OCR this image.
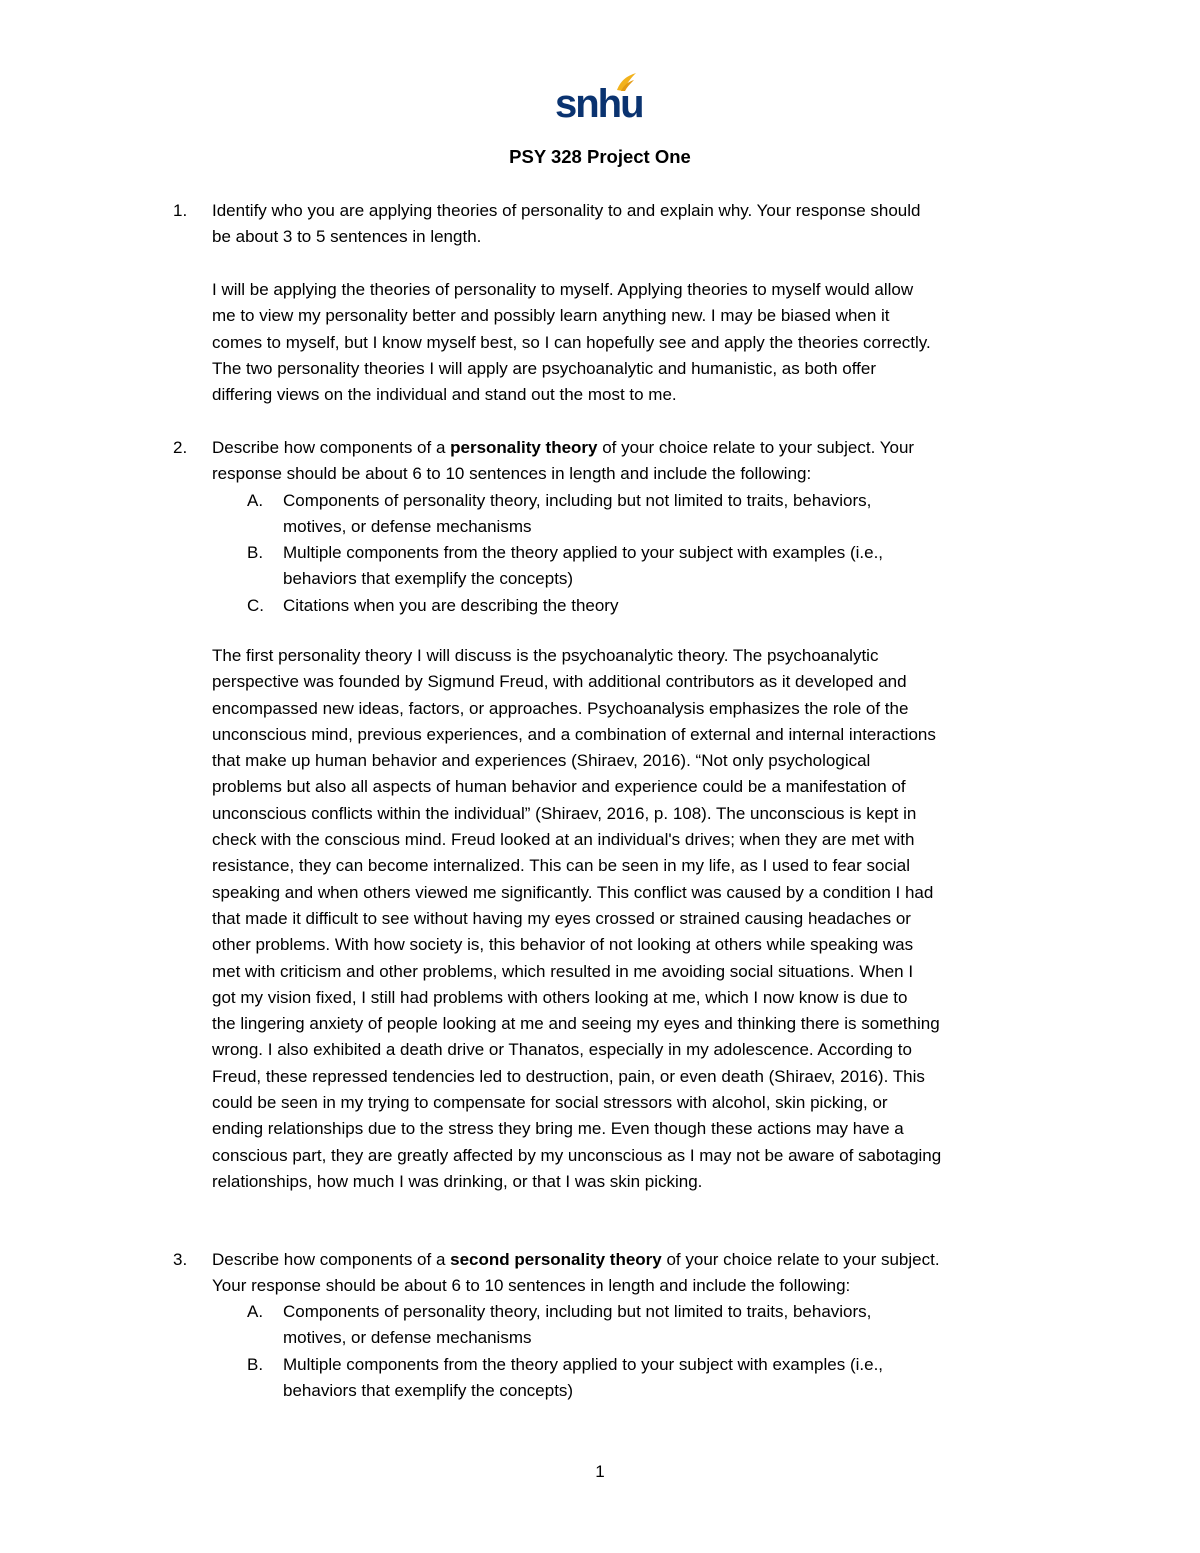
snhu
PSY 328 Project One
1. Identify who you are applying theories of personality to and explain why. Your response should

be about 3 to 5 sentences in length.

I will be applying the theories of personality to myself. Applying theories to myself would allow

me to view my personality better and possibly learn anything new. I may be biased when it

comes to myself, but I know myself best, so I can hopefully see and apply the theories correctly.

The two personality theories I will apply are psychoanalytic and humanistic, as both offer

differing views on the individual and stand out the most to me.

2. Describe how components of a personality theory of your choice relate to your subject. Your

response should be about 6 to 10 sentences in length and include the following:

A. Components of personality theory, including but not limited to traits, behaviors,

motives, or defense mechanisms

B. Multiple components from the theory applied to your subject with examples (i.e.,

behaviors that exemplify the concepts)

C. Citations when you are describing the theory

The first personality theory I will discuss is the psychoanalytic theory. The psychoanalytic

perspective was founded by Sigmund Freud, with additional contributors as it developed and

encompassed new ideas, factors, or approaches. Psychoanalysis emphasizes the role of the

unconscious mind, previous experiences, and a combination of external and internal interactions

that make up human behavior and experiences (Shiraev, 2016). “Not only psychological

problems but also all aspects of human behavior and experience could be a manifestation of

unconscious conflicts within the individual” (Shiraev, 2016, p. 108). The unconscious is kept in

check with the conscious mind. Freud looked at an individual's drives; when they are met with

resistance, they can become internalized. This can be seen in my life, as I used to fear social

speaking and when others viewed me significantly. This conflict was caused by a condition I had

that made it difficult to see without having my eyes crossed or strained causing headaches or

other problems. With how society is, this behavior of not looking at others while speaking was

met with criticism and other problems, which resulted in me avoiding social situations. When I

got my vision fixed, I still had problems with others looking at me, which I now know is due to

the lingering anxiety of people looking at me and seeing my eyes and thinking there is something

wrong. I also exhibited a death drive or Thanatos, especially in my adolescence. According to

Freud, these repressed tendencies led to destruction, pain, or even death (Shiraev, 2016). This

could be seen in my trying to compensate for social stressors with alcohol, skin picking, or

ending relationships due to the stress they bring me. Even though these actions may have a

conscious part, they are greatly affected by my unconscious as I may not be aware of sabotaging

relationships, how much I was drinking, or that I was skin picking.

3. Describe how components of a second personality theory of your choice relate to your subject.

Your response should be about 6 to 10 sentences in length and include the following:

A. Components of personality theory, including but not limited to traits, behaviors,

motives, or defense mechanisms

B. Multiple components from the theory applied to your subject with examples (i.e.,

behaviors that exemplify the concepts)

1
